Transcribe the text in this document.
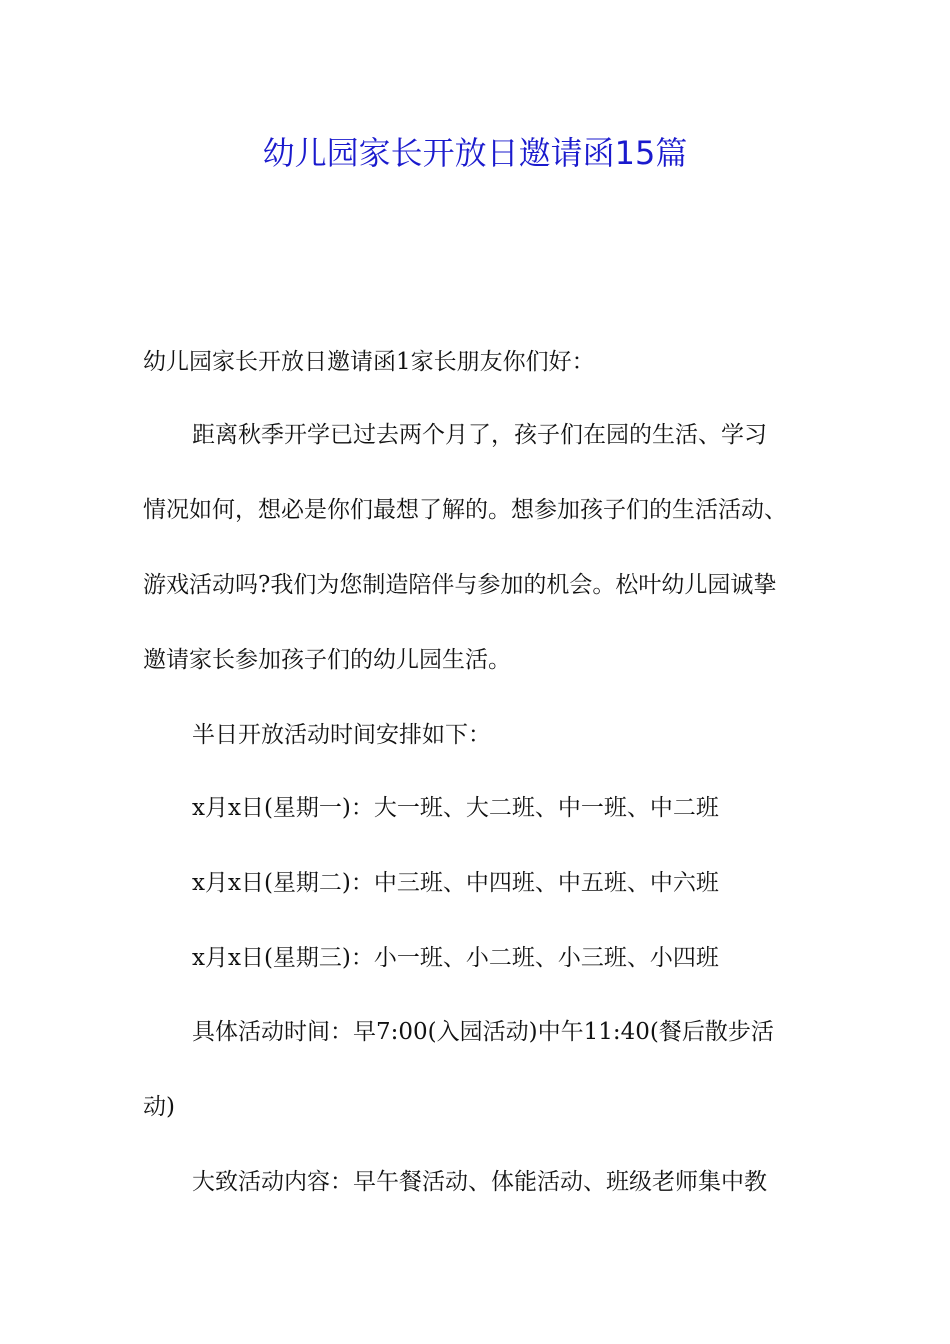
幼儿园家长开放日邀请函15篇
幼儿园家长开放日邀请函1家长朋友你们好：
距离秋季开学已过去两个月了，孩子们在园的生活、学习
情况如何，想必是你们最想了解的。想参加孩子们的生活活动、
游戏活动吗?我们为您制造陪伴与参加的机会。松叶幼儿园诚挚
邀请家长参加孩子们的幼儿园生活。
半日开放活动时间安排如下：
x月x日(星期一)：大一班、大二班、中一班、中二班
x月x日(星期二)：中三班、中四班、中五班、中六班
x月x日(星期三)：小一班、小二班、小三班、小四班
具体活动时间：早7:00(入园活动)中午11:40(餐后散步活
动)
大致活动内容：早午餐活动、体能活动、班级老师集中教
